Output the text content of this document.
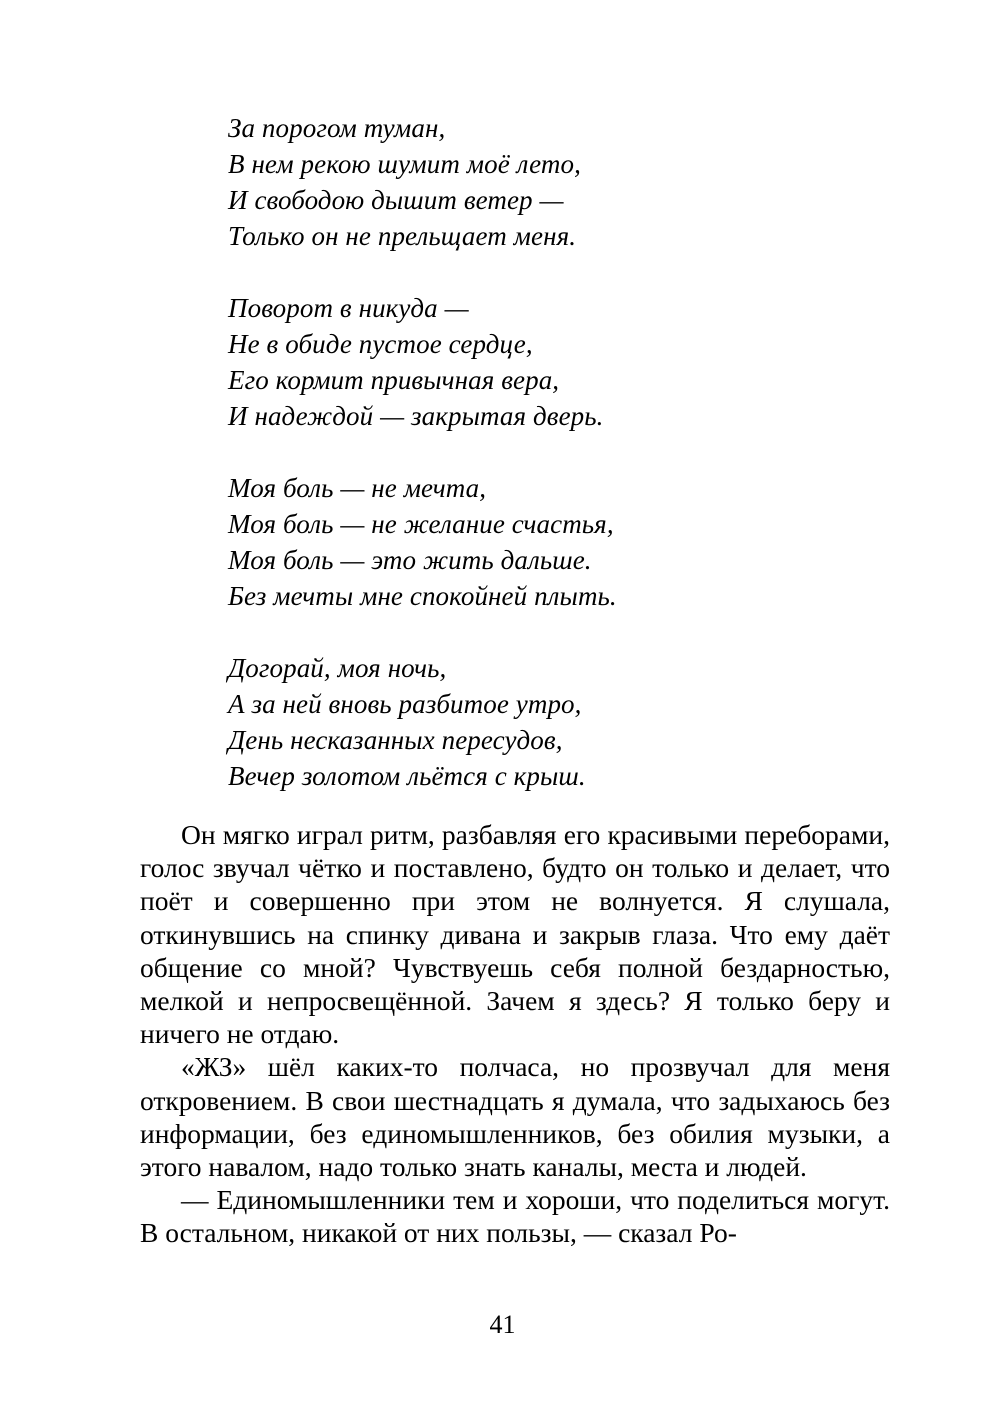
За порогом туман,
В нем рекою шумит моё лето,
И свободою дышит ветер —
Только он не прельщает меня.
Поворот в никуда —
Не в обиде пустое сердце,
Его кормит привычная вера,
И надеждой — закрытая дверь.
Моя боль — не мечта,
Моя боль — не желание счастья,
Моя боль — это жить дальше.
Без мечты мне спокойней плыть.
Догорай, моя ночь,
А за ней вновь разбитое утро,
День несказанных пересудов,
Вечер золотом льётся с крыш.

Он мягко играл ритм, разбавляя его красивыми переборами, голос звучал чётко и поставлено, будто он только и делает, что поёт и совершенно при этом не волнуется. Я слушала, откинувшись на спинку дивана и закрыв глаза. Что ему даёт общение со мной? Чувствуешь себя полной бездарностью, мелкой и непросвещённой. Зачем я здесь? Я только беру и ничего не отдаю.

«ЖЗ» шёл каких-то полчаса, но прозвучал для меня откровением. В свои шестнадцать я думала, что задыхаюсь без информации, без единомышленников, без обилия музыки, а этого навалом, надо только знать каналы, места и людей.

— Единомышленники тем и хороши, что поделиться могут. В остальном, никакой от них пользы, — сказал Ро-

41
